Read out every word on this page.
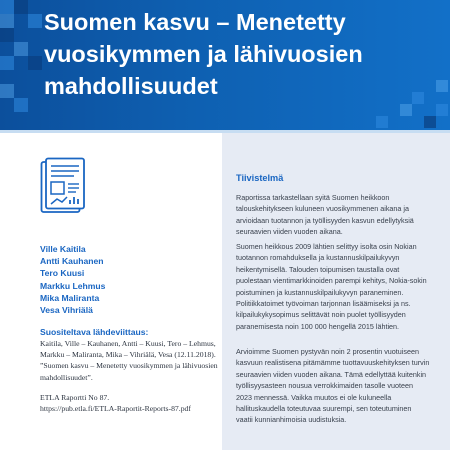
Suomen kasvu – Menetetty vuosikymmen ja lähivuosien mahdollisuudet
Ville Kaitila
Antti Kauhanen
Tero Kuusi
Markku Lehmus
Mika Maliranta
Vesa Vihriälä

Suositeltava lähdeviittaus:

Kaitila, Ville – Kauhanen, Antti – Kuusi, Tero – Lehmus, Markku – Maliranta, Mika – Vihriälä, Vesa (12.11.2018). ”Suomen kasvu – Menetetty vuosikymmen ja lähivuosien mahdollisuudet”.

ETLA Raportti No 87.
https://pub.etla.fi/ETLA-Raportit-Reports-87.pdf

Tiivistelmä

Raportissa tarkastellaan syitä Suomen heikkoon talouskehitykseen kuluneen vuosikymmenen aikana ja arvioidaan tuotannon ja työllisyyden kasvun edellytyksiä seuraavien viiden vuoden aikana.

Suomen heikkous 2009 lähtien selittyy isolta osin Nokian tuotannon romahduksella ja kustannuskilpailukyvyn heikentymisellä. Talouden toipumisen taustalla ovat puolestaan vientimarkkinoiden parempi kehitys, Nokia-sokin poistuminen ja kustannuskilpailukyvyn paraneminen. Politiikkatoimet työvoiman tarjonnan lisäämiseksi ja ns. kilpailukykysopimus selittävät noin puolet työllisyyden paranemisesta noin 100 000 hengellä 2015 lähtien.

Arvioimme Suomen pystyvän noin 2 prosentin vuotuiseen kasvuun realistisena pitämämme tuottavuuskehityksen turvin seuraavien viiden vuoden aikana. Tämä edellyttää kuitenkin työllisyysasteen nousua verrokkimaiden tasolle vuoteen 2023 mennessä. Vaikka muutos ei ole kuluneella hallituskaudella toteutuvaa suurempi, sen toteutuminen vaatii kunnianhimoisia uudistuksia.
